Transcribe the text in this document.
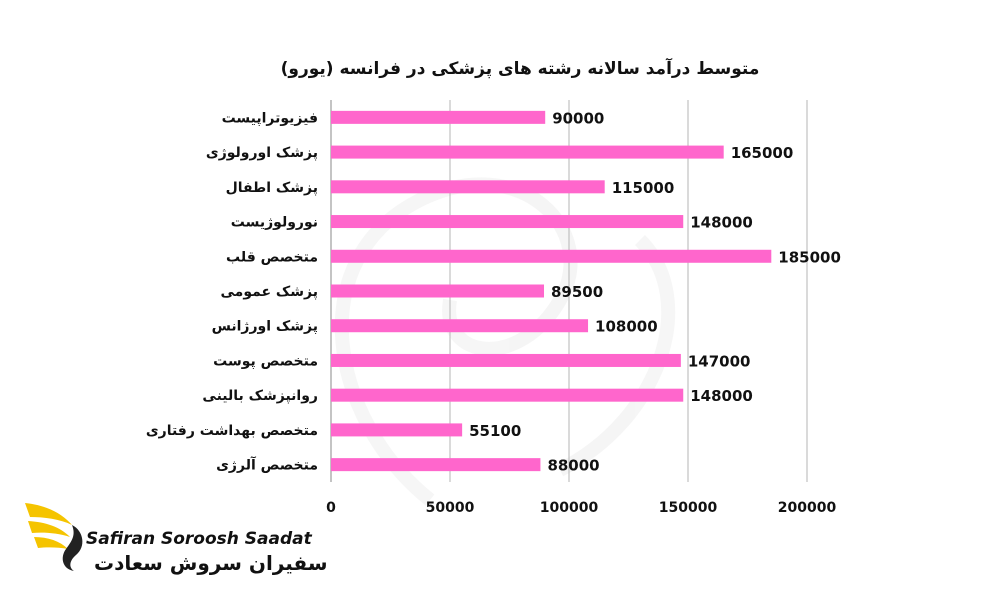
متوسط درآمد سالانه رشته های پزشکی در فرانسه (یورو)
فیزیوتراپیست
پزشک اورولوژی
پزشک اطفال
نورولوژیست
متخصص قلب
پزشک عمومی
پزشک اورژانس
متخصص پوست
روانپزشک بالینی
متخصص بهداشت رفتاری
متخصص آلرژی
90000
165000
115000
148000
185000
89500
108000
147000
148000
55100
88000
0	50000	100000	150000	200000
Safiran Soroosh Saadat
سفیران سروش سعادت
